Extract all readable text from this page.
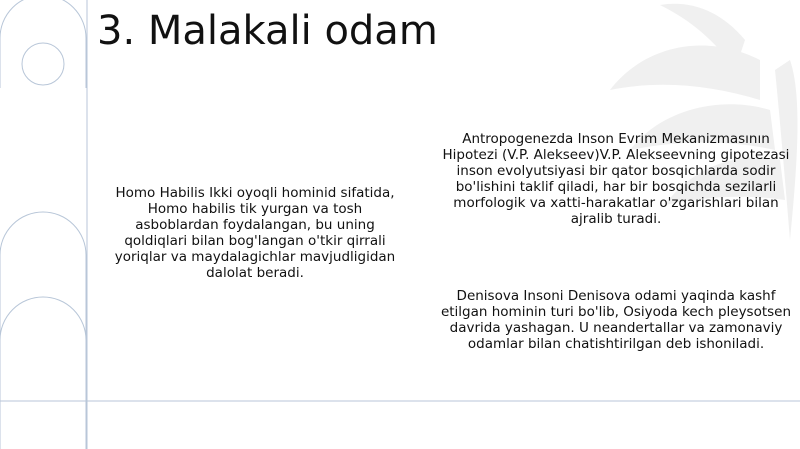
3. Malakali odam

Homo Habilis Ikki oyoqli hominid sifatida, Homo habilis tik yurgan va tosh asboblardan foydalangan, bu uning qoldiqlari bilan bog'langan o'tkir qirrali yoriqlar va maydalagichlar mavjudligidan dalolat beradi.

Antropogenezda Inson Evrim Mekanizmasının Hipotezi (V.P. Alekseev)V.P. Alekseevning gipotezasi inson evolyutsiyasi bir qator bosqichlarda sodir bo'lishini taklif qiladi, har bir bosqichda sezilarli morfologik va xatti-harakatlar o'zgarishlari bilan ajralib turadi.

Denisova Insoni Denisova odami yaqinda kashf etilgan hominin turi bo'lib, Osiyoda kech pleysotsen davrida yashagan. U neandertallar va zamonaviy odamlar bilan chatishtirilgan deb ishoniladi.
